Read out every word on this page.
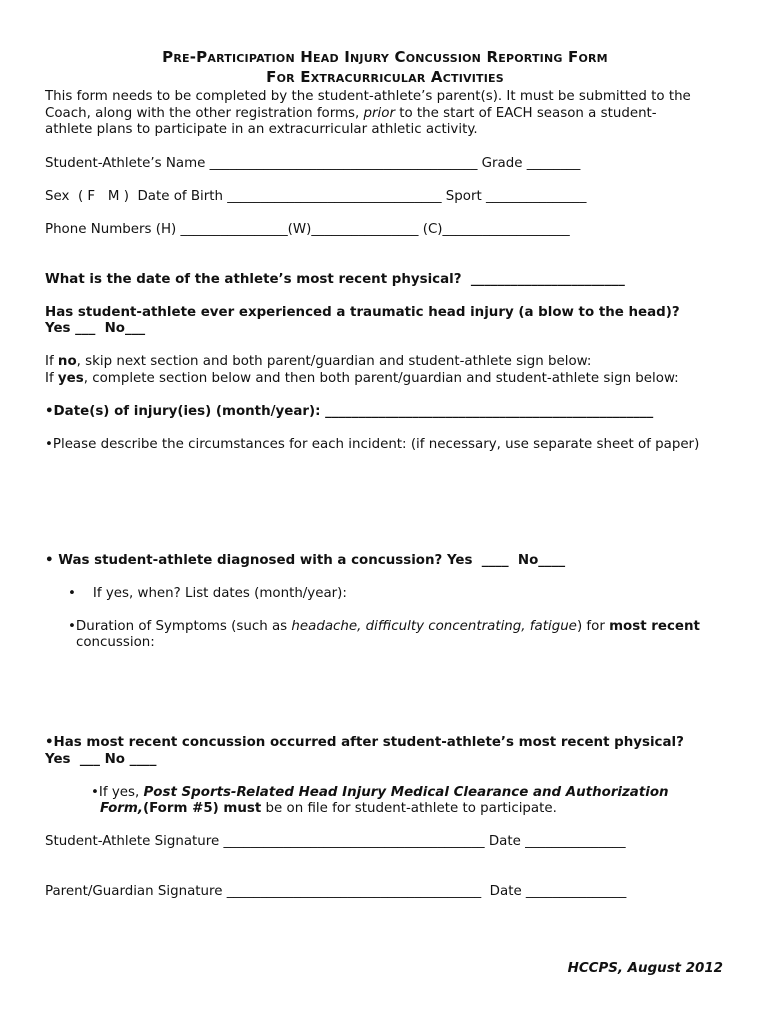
Pre-Participation Head Injury Concussion Reporting Form
For Extracurricular Activities
This form needs to be completed by the student-athlete’s parent(s). It must be submitted to the
Coach, along with the other registration forms, prior to the start of EACH season a student-
athlete plans to participate in an extracurricular athletic activity.
Student-Athlete’s Name ________________________________________ Grade ________
Sex  ( F   M )  Date of Birth ________________________________ Sport _______________
Phone Numbers (H) ________________(W)________________ (C)___________________
What is the date of the athlete’s most recent physical?  _______________________
Has student-athlete ever experienced a traumatic head injury (a blow to the head)?
Yes ___  No___
If no, skip next section and both parent/guardian and student-athlete sign below:
If yes, complete section below and then both parent/guardian and student-athlete sign below:
•Date(s) of injury(ies) (month/year): _________________________________________________
•Please describe the circumstances for each incident: (if necessary, use separate sheet of paper)
• Was student-athlete diagnosed with a concussion? Yes  ____  No____
•    If yes, when? List dates (month/year):
•Duration of Symptoms (such as headache, difficulty concentrating, fatigue) for most recent
concussion:
•Has most recent concussion occurred after student-athlete’s most recent physical?
Yes  ___ No ____
•If yes, Post Sports-Related Head Injury Medical Clearance and Authorization
Form,(Form #5) must be on file for student-athlete to participate.
Student-Athlete Signature _______________________________________ Date _______________
Parent/Guardian Signature ______________________________________  Date _______________
HCCPS, August 2012
